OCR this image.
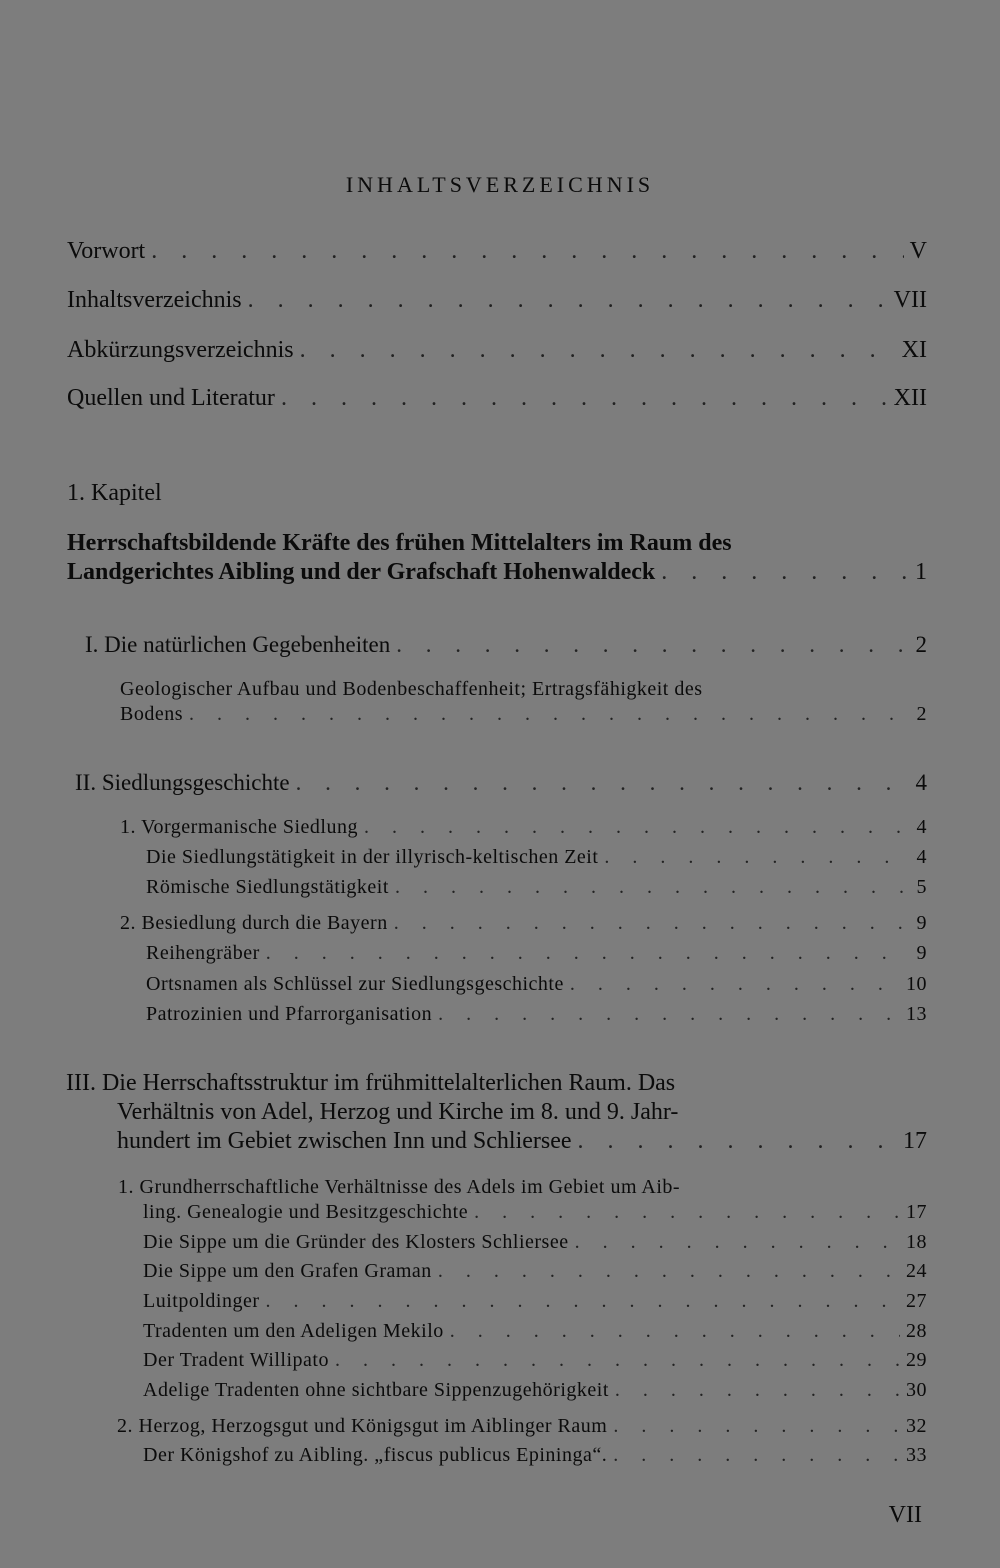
INHALTSVERZEICHNIS
Vorwort . . .	V
Inhaltsverzeichnis . . .	VII
Abkürzungsverzeichnis . . .	XI
Quellen und Literatur . . .	XII
1. Kapitel
Herrschaftsbildende Kräfte des frühen Mittelalters im Raum des
Landgerichtes Aibling und der Grafschaft Hohenwaldeck . . .	1
I. Die natürlichen Gegebenheiten . . .	2
Geologischer Aufbau und Bodenbeschaffenheit; Ertragsfähigkeit des
Bodens . . .	2
II. Siedlungsgeschichte . . .	4
1. Vorgermanische Siedlung . . .	4
Die Siedlungstätigkeit in der illyrisch-keltischen Zeit . . .	4
Römische Siedlungstätigkeit . . .	5
2. Besiedlung durch die Bayern . . .	9
Reihengräber . . .	9
Ortsnamen als Schlüssel zur Siedlungsgeschichte . . .	10
Patrozinien und Pfarrorganisation . . .	13
III. Die Herrschaftsstruktur im frühmittelalterlichen Raum. Das
Verhältnis von Adel, Herzog und Kirche im 8. und 9. Jahr-
hundert im Gebiet zwischen Inn und Schliersee . . .	17
1. Grundherrschaftliche Verhältnisse des Adels im Gebiet um Aib-
ling. Genealogie und Besitzgeschichte . . .	17
Die Sippe um die Gründer des Klosters Schliersee . . .	18
Die Sippe um den Grafen Graman . . .	24
Luitpoldinger . . .	27
Tradenten um den Adeligen Mekilo . . .	28
Der Tradent Willipato . . .	29
Adelige Tradenten ohne sichtbare Sippenzugehörigkeit . . .	30
2. Herzog, Herzogsgut und Königsgut im Aiblinger Raum . . .	32
Der Königshof zu Aibling. „fiscus publicus Epininga“. . . .	33
VII
